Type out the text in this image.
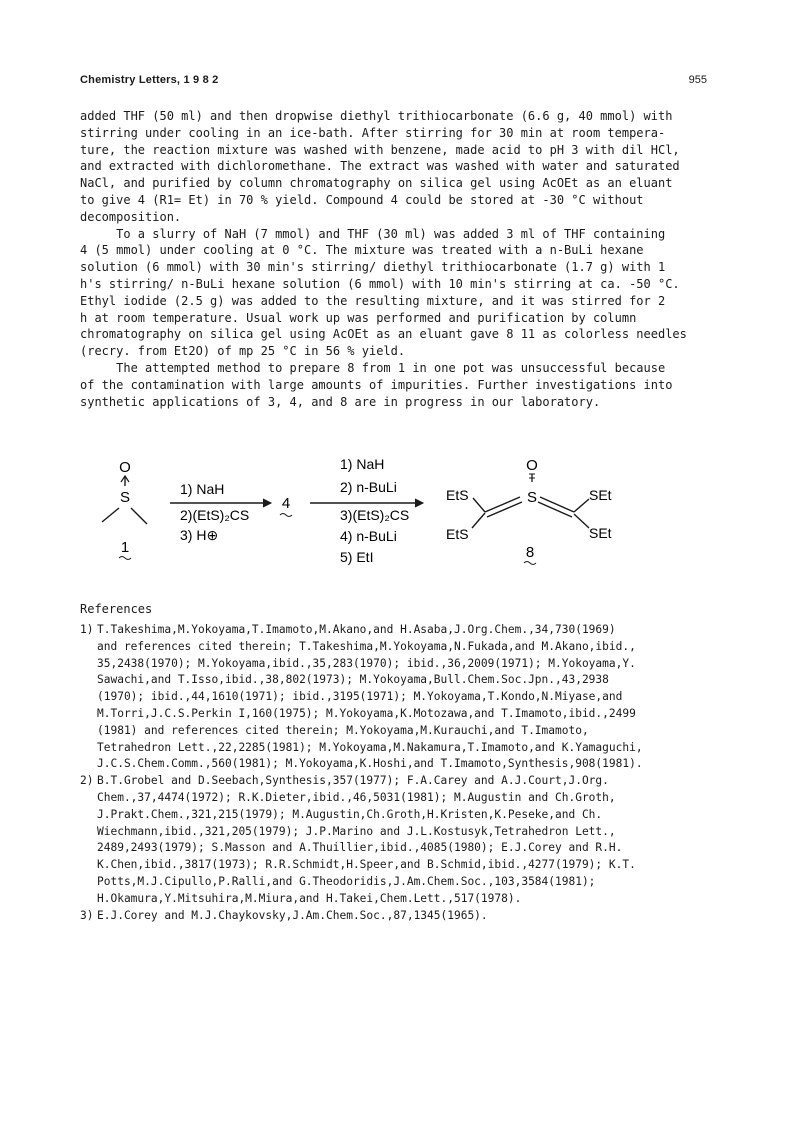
Chemistry Letters, 1 9 8 2	955
added THF (50 ml) and then dropwise diethyl trithiocarbonate (6.6 g, 40 mmol) with
stirring under cooling in an ice-bath. After stirring for 30 min at room tempera-
ture, the reaction mixture was washed with benzene, made acid to pH 3 with dil HCl,
and extracted with dichloromethane. The extract was washed with water and saturated
NaCl, and purified by column chromatography on silica gel using AcOEt as an eluant
to give 4 (R1= Et) in 70 % yield. Compound 4 could be stored at -30 °C without
decomposition.
To a slurry of NaH (7 mmol) and THF (30 ml) was added 3 ml of THF containing
4 (5 mmol) under cooling at 0 °C. The mixture was treated with a n-BuLi hexane
solution (6 mmol) with 30 min's stirring/ diethyl trithiocarbonate (1.7 g) with 1
h's stirring/ n-BuLi hexane solution (6 mmol) with 10 min's stirring at ca. -50 °C.
Ethyl iodide (2.5 g) was added to the resulting mixture, and it was stirred for 2
h at room temperature. Usual work up was performed and purification by column
chromatography on silica gel using AcOEt as an eluant gave 8 11 as colorless needles
(recry. from Et2O) of mp 25 °C in 56 % yield.
The attempted method to prepare 8 from 1 in one pot was unsuccessful because
of the contamination with large amounts of impurities. Further investigations into
synthetic applications of 3, 4, and 8 are in progress in our laboratory.
O
S
1
1) NaH
2)(EtS)₂CS
3) H⊕
4
1) NaH
2) n-BuLi
3)(EtS)₂CS
4) n-BuLi
5) EtI
EtS
EtS
O
S	SEt
SEt
8
References
1) T.Takeshima,M.Yokoyama,T.Imamoto,M.Akano,and H.Asaba,J.Org.Chem.,34,730(1969)
and references cited therein; T.Takeshima,M.Yokoyama,N.Fukada,and M.Akano,ibid.,
35,2438(1970); M.Yokoyama,ibid.,35,283(1970); ibid.,36,2009(1971); M.Yokoyama,Y.
Sawachi,and T.Isso,ibid.,38,802(1973); M.Yokoyama,Bull.Chem.Soc.Jpn.,43,2938
(1970); ibid.,44,1610(1971); ibid.,3195(1971); M.Yokoyama,T.Kondo,N.Miyase,and
M.Torri,J.C.S.Perkin I,160(1975); M.Yokoyama,K.Motozawa,and T.Imamoto,ibid.,2499
(1981) and references cited therein; M.Yokoyama,M.Kurauchi,and T.Imamoto,
Tetrahedron Lett.,22,2285(1981); M.Yokoyama,M.Nakamura,T.Imamoto,and K.Yamaguchi,
J.C.S.Chem.Comm.,560(1981); M.Yokoyama,K.Hoshi,and T.Imamoto,Synthesis,908(1981).
2) B.T.Grobel and D.Seebach,Synthesis,357(1977); F.A.Carey and A.J.Court,J.Org.
Chem.,37,4474(1972); R.K.Dieter,ibid.,46,5031(1981); M.Augustin and Ch.Groth,
J.Prakt.Chem.,321,215(1979); M.Augustin,Ch.Groth,H.Kristen,K.Peseke,and Ch.
Wiechmann,ibid.,321,205(1979); J.P.Marino and J.L.Kostusyk,Tetrahedron Lett.,
2489,2493(1979); S.Masson and A.Thuillier,ibid.,4085(1980); E.J.Corey and R.H.
K.Chen,ibid.,3817(1973); R.R.Schmidt,H.Speer,and B.Schmid,ibid.,4277(1979); K.T.
Potts,M.J.Cipullo,P.Ralli,and G.Theodoridis,J.Am.Chem.Soc.,103,3584(1981);
H.Okamura,Y.Mitsuhira,M.Miura,and H.Takei,Chem.Lett.,517(1978).
3) E.J.Corey and M.J.Chaykovsky,J.Am.Chem.Soc.,87,1345(1965).
